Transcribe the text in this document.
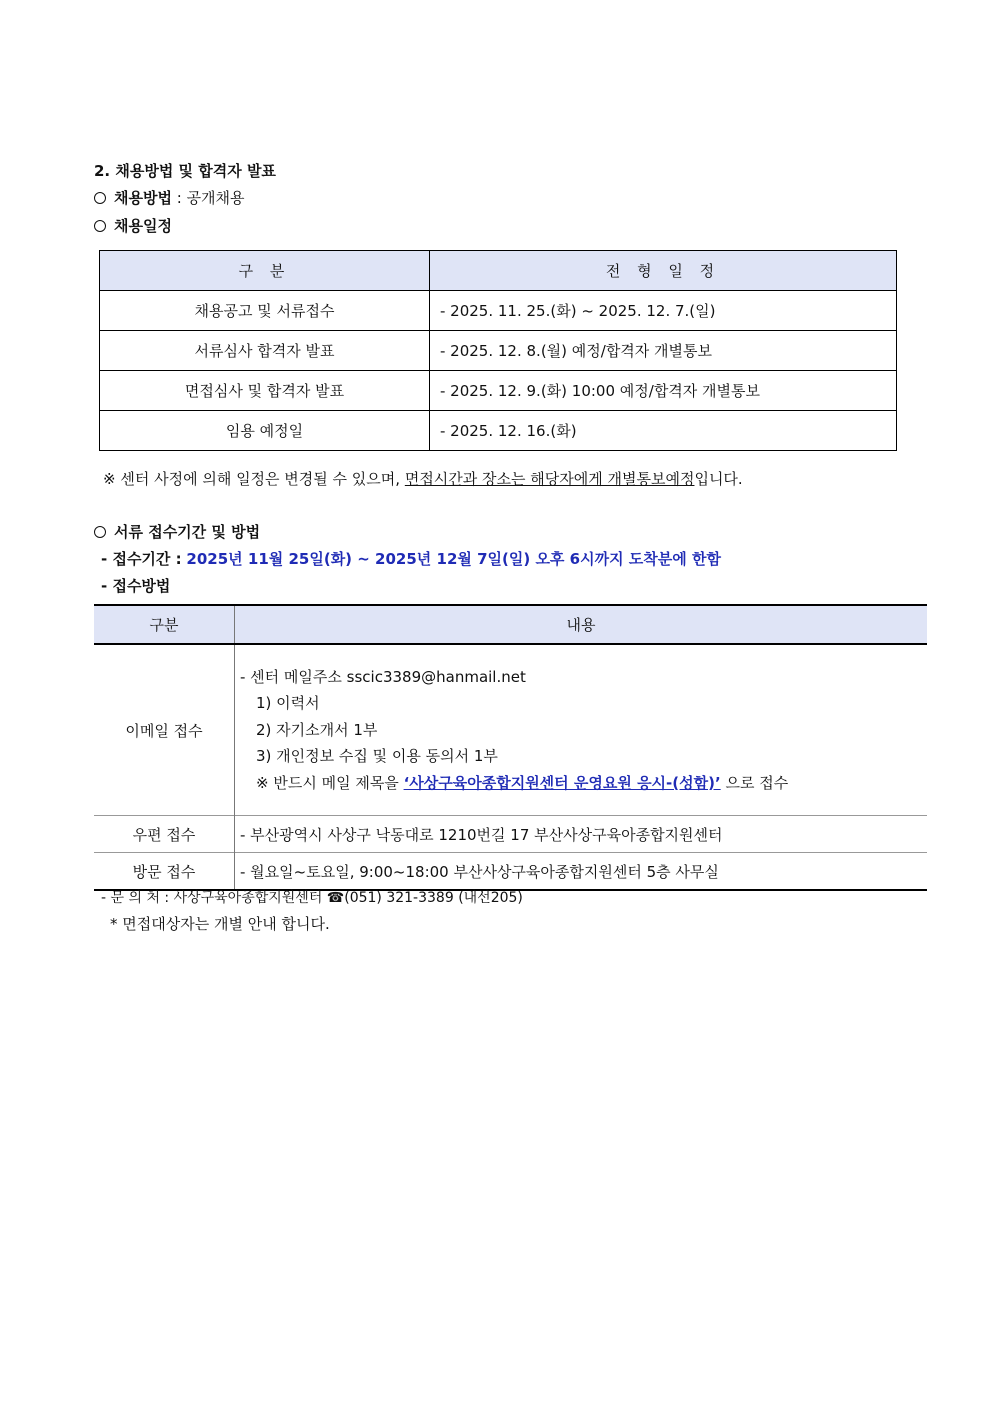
2. 채용방법 및 합격자 발표
채용방법 : 공개채용
채용일정
구 분	전 형 일 정
채용공고 및 서류접수	- 2025. 11. 25.(화) ~ 2025. 12. 7.(일)
서류심사 합격자 발표	- 2025. 12. 8.(월) 예정/합격자 개별통보
면접심사 및 합격자 발표	- 2025. 12. 9.(화) 10:00 예정/합격자 개별통보
임용 예정일	- 2025. 12. 16.(화)
※ 센터 사정에 의해 일정은 변경될 수 있으며, 면접시간과 장소는 해당자에게 개별통보예정입니다.
서류 접수기간 및 방법
- 접수기간 : 2025년 11월 25일(화) ~ 2025년 12월 7일(일) 오후 6시까지 도착분에 한함
- 접수방법
구분	내용
이메일 접수	- 센터 메일주소 sscic3389@hanmail.net
1) 이력서
2) 자기소개서 1부
3) 개인정보 수집 및 이용 동의서 1부
※ 반드시 메일 제목을 ‘사상구육아종합지원센터 운영요원 응시-(성함)’ 으로 접수

우편 접수	- 부산광역시 사상구 낙동대로 1210번길 17 부산사상구육아종합지원센터
방문 접수	- 월요일~토요일, 9:00~18:00 부산사상구육아종합지원센터 5층 사무실
- 문 의 처 : 사상구육아종합지원센터 ☎(051) 321-3389 (내선205)
* 면접대상자는 개별 안내 합니다.
